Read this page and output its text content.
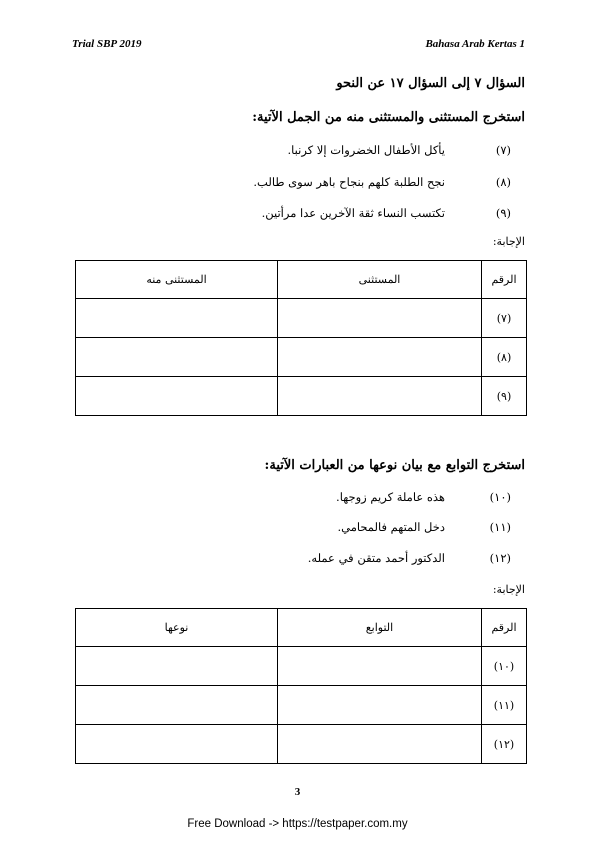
Trial SBP 2019	Bahasa Arab Kertas 1
السؤال ٧ إلى السؤال ١٧ عن النحو
استخرج المستثنى والمستثنى منه من الجمل الآتية:
(٧)
يأكل الأطفال الخضروات إلا كرنبا.
(٨)
نجح الطلبة كلهم بنجاح باهر سوى طالب.
(٩)
تكتسب النساء ثقة الآخرين عدا مرأتين.
الإجابة:
الرقم	المستثنى	المستثنى منه
(٧)		
(٨)		
(٩)		
استخرج التوابع مع بيان نوعها من العبارات الآتية:
(١٠)
هذه عاملة كريم زوجها.
(١١)
دخل المتهم فالمحامي.
(١٢)
الدكتور أحمد متقن في عمله.
الإجابة:
الرقم	التوابع	نوعها
(١٠)		
(١١)		
(١٢)		
3
Free Download -> https://testpaper.com.my
